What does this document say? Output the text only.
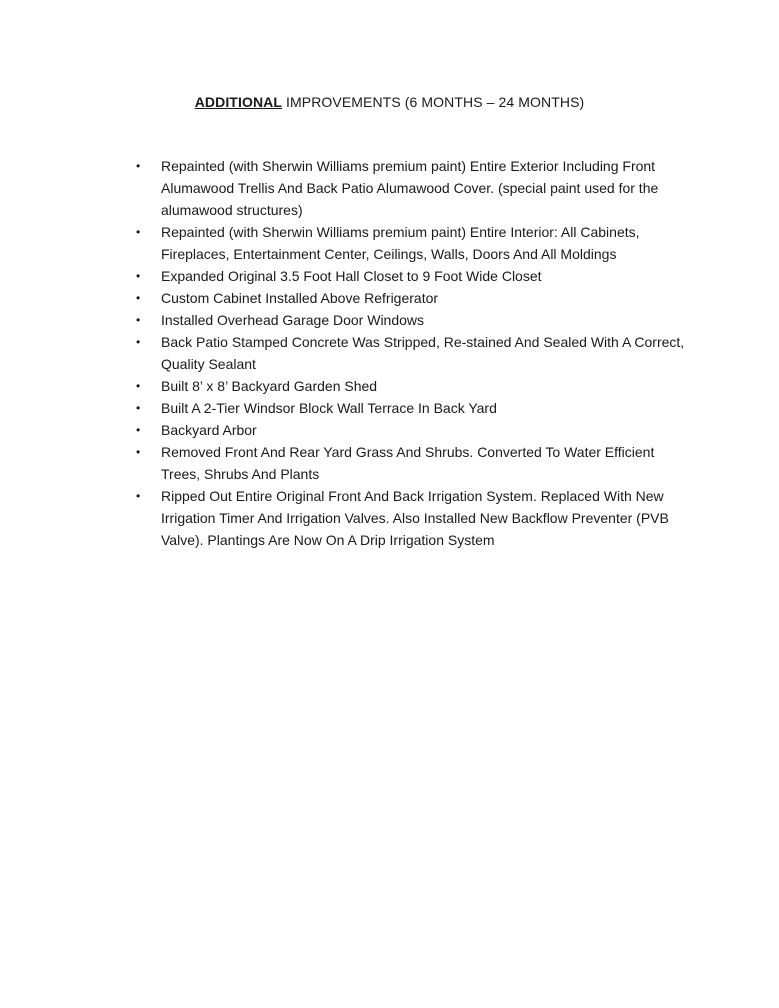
ADDITIONAL IMPROVEMENTS (6 MONTHS – 24 MONTHS)
•	Repainted (with Sherwin Williams premium paint) Entire Exterior Including Front Alumawood Trellis And Back Patio Alumawood Cover. (special paint used for the alumawood structures)
•	Repainted (with Sherwin Williams premium paint) Entire Interior: All Cabinets, Fireplaces, Entertainment Center, Ceilings, Walls, Doors And All Moldings
•	Expanded Original 3.5 Foot Hall Closet to 9 Foot Wide Closet
•	Custom Cabinet Installed Above Refrigerator
•	Installed Overhead Garage Door Windows
•	Back Patio Stamped Concrete Was Stripped, Re-stained And Sealed With A Correct, Quality Sealant
•	Built 8’ x 8’ Backyard Garden Shed
•	Built A 2-Tier Windsor Block Wall Terrace In Back Yard
•	Backyard Arbor
•	Removed Front And Rear Yard Grass And Shrubs. Converted To Water Efficient Trees, Shrubs And Plants
•	Ripped Out Entire Original Front And Back Irrigation System. Replaced With New Irrigation Timer And Irrigation Valves. Also Installed New Backflow Preventer (PVB Valve). Plantings Are Now On A Drip Irrigation System
